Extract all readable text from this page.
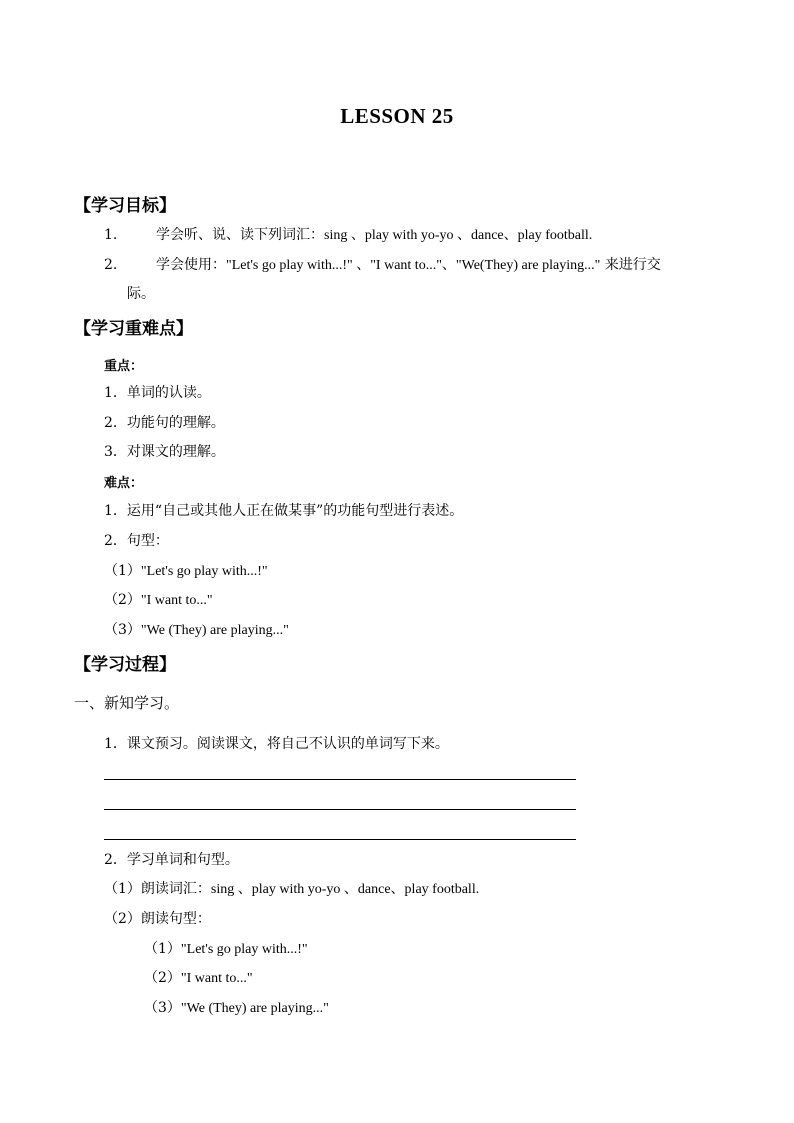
LESSON 25
【学习目标】
1.	学会听、说、读下列词汇：sing 、play with yo-yo 、dance、play football.
2.	学会使用："Let's go play with...!" 、"I want to..."、"We(They) are playing..." 来进行交
际。
【学习重难点】
重点：
1．单词的认读。
2．功能句的理解。
3．对课文的理解。
难点：
1．运用“自己或其他人正在做某事”的功能句型进行表述。
2．句型：
（1）"Let's go play with...!"
（2）"I want to..."
（3）"We (They) are playing..."
【学习过程】
一、新知学习。
1．课文预习。阅读课文，将自己不认识的单词写下来。
2．学习单词和句型。
（1）朗读词汇：sing 、play with yo-yo 、dance、play football.
（2）朗读句型：
（1）"Let's go play with...!"
（2）"I want to..."
（3）"We (They) are playing..."
